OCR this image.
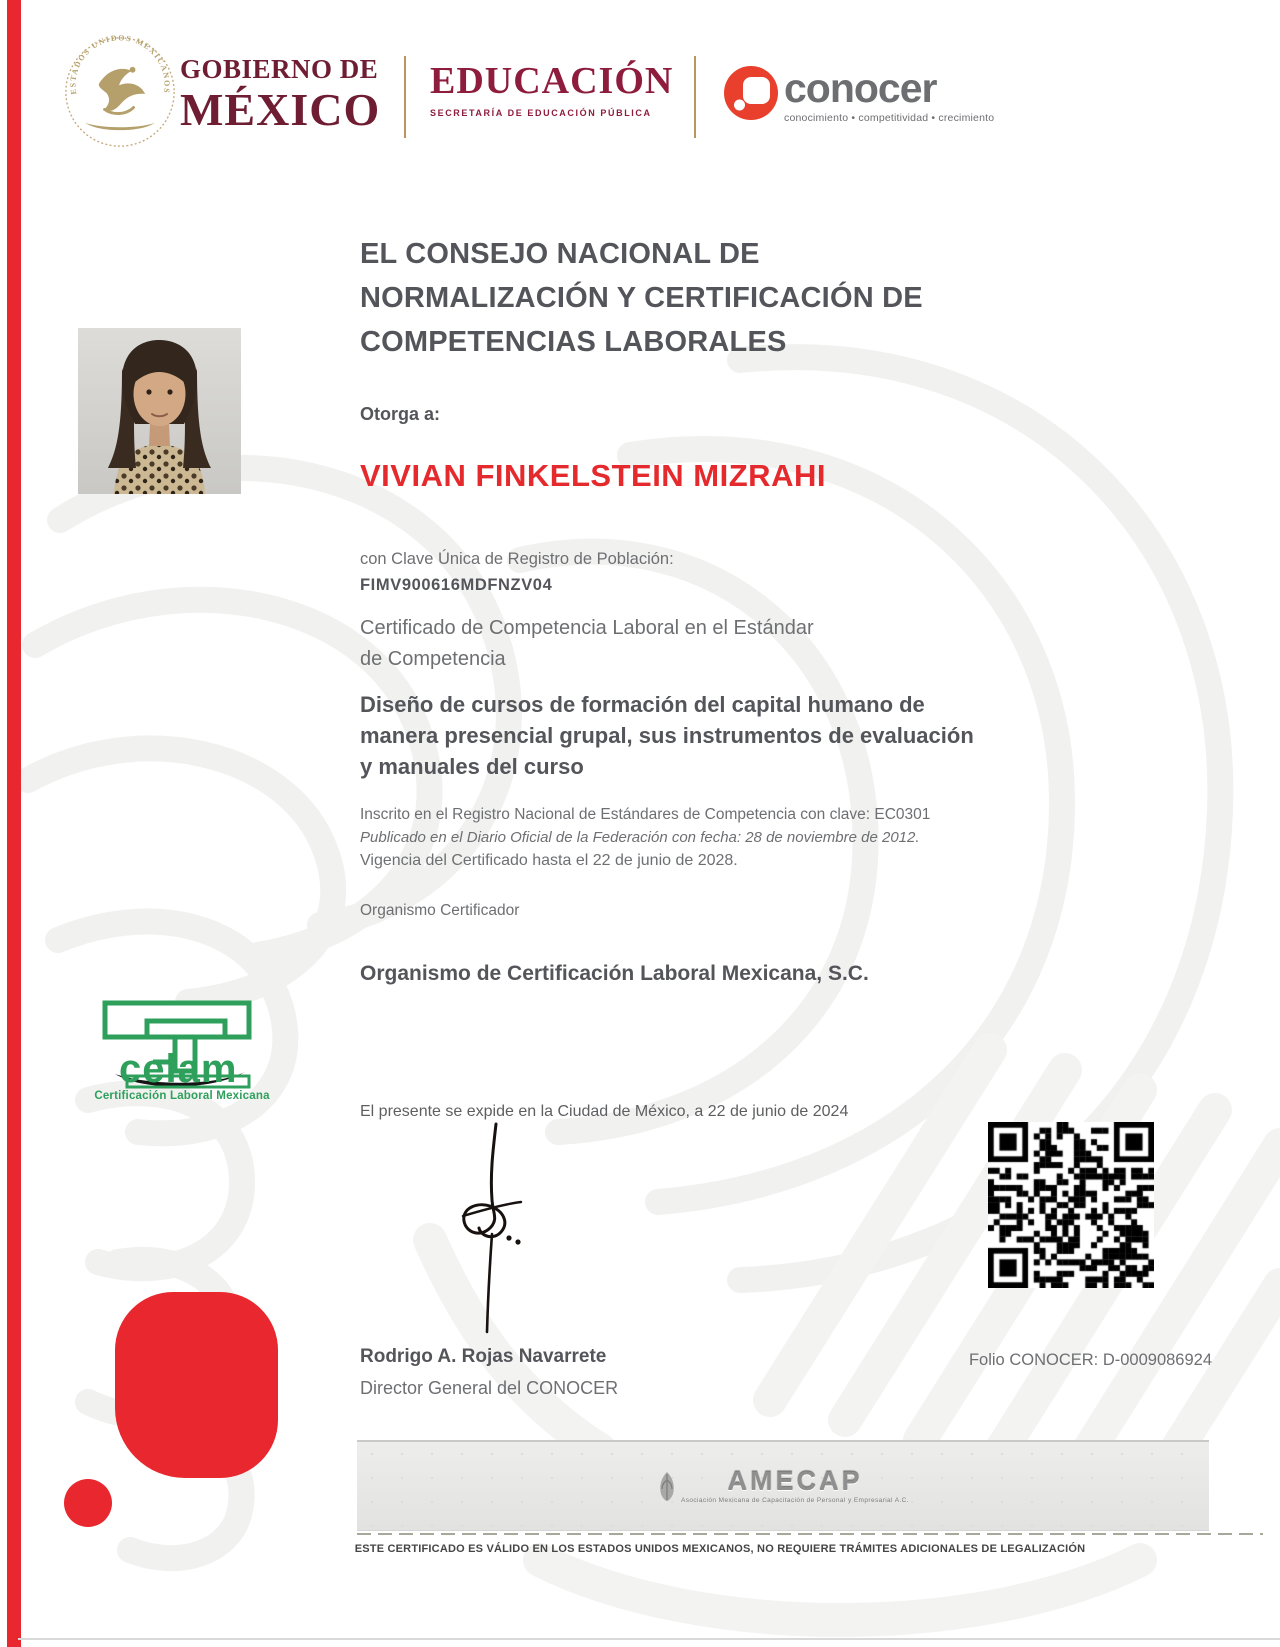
ESTADOS UNIDOS MEXICANOS
GOBIERNO DE
MÉXICO
EDUCACIÓN
SECRETARÍA DE EDUCACIÓN PÚBLICA
conocer
conocimiento • competitividad • crecimiento
EL CONSEJO NACIONAL DE
NORMALIZACIÓN Y CERTIFICACIÓN DE
COMPETENCIAS LABORALES
Otorga a:
VIVIAN FINKELSTEIN MIZRAHI
con Clave Única de Registro de Población:
FIMV900616MDFNZV04
Certificado de Competencia Laboral en el Estándar
de Competencia
Diseño de cursos de formación del capital humano de
manera presencial grupal, sus instrumentos de evaluación
y manuales del curso
Inscrito en el Registro Nacional de Estándares de Competencia con clave: EC0301
Publicado en el Diario Oficial de la Federación con fecha: 28 de noviembre de 2012.
Vigencia del Certificado hasta el 22 de junio de 2028.
Organismo Certificador
Organismo de Certificación Laboral Mexicana, S.C.
El presente se expide en la Ciudad de México, a 22 de junio de 2024
celam
Certificación Laboral Mexicana
Rodrigo A. Rojas Navarrete
Director General del CONOCER
Folio CONOCER: D-0009086924
AMECAP
Asociación Mexicana de Capacitación de Personal y Empresarial A.C.
ESTE CERTIFICADO ES VÁLIDO EN LOS ESTADOS UNIDOS MEXICANOS, NO REQUIERE TRÁMITES ADICIONALES DE LEGALIZACIÓN
